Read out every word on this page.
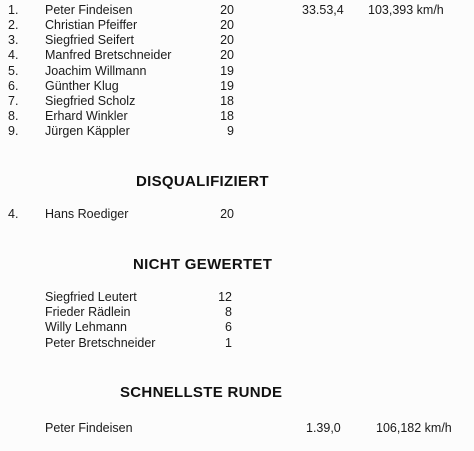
1.	Peter Findeisen	20	33.53,4 103,393 km/h
2.	Christian Pfeiffer	20
3.	Siegfried Seifert	20
4.	Manfred Bretschneider	20
5.	Joachim Willmann	19
6.	Günther Klug	19
7.	Siegfried Scholz	18
8.	Erhard Winkler	18
9.	Jürgen Käppler	9
DISQUALIFIZIERT
4.	Hans Roediger	20
NICHT GEWERTET
Siegfried Leutert	12
Frieder Rädlein	8
Willy Lehmann	6
Peter Bretschneider	1
SCHNELLSTE RUNDE
Peter Findeisen	1.39,0	106,182 km/h
